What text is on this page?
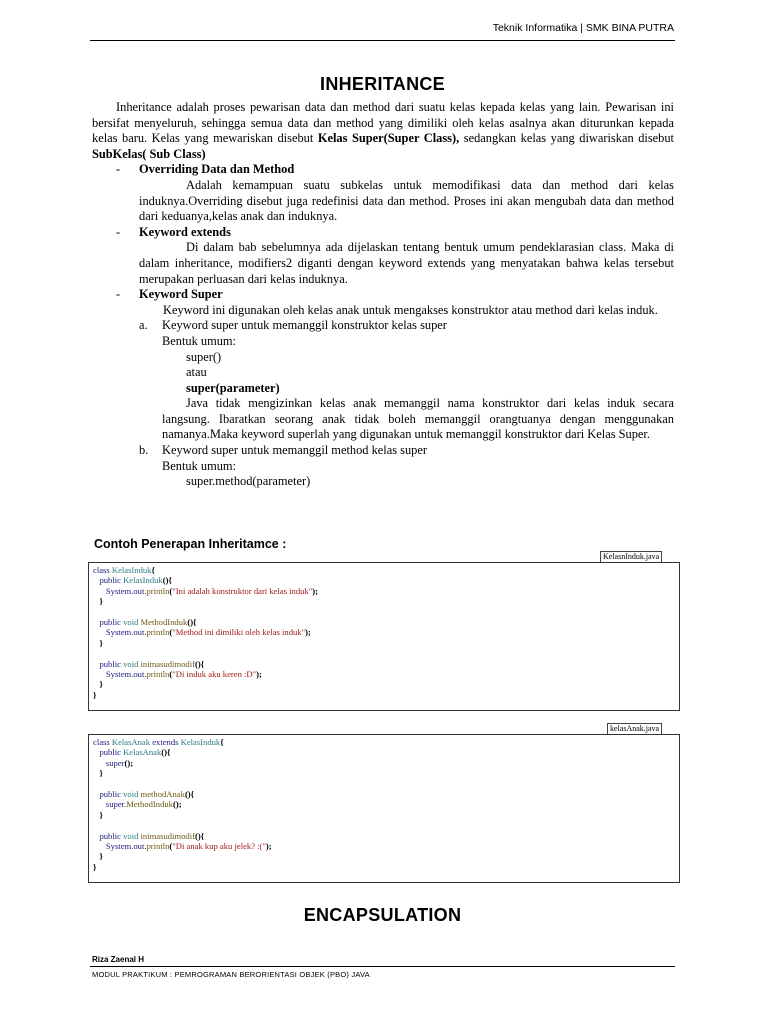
Teknik Informatika | SMK BINA PUTRA
INHERITANCE

Inheritance adalah proses pewarisan data dan method dari suatu kelas kepada kelas yang lain. Pewarisan ini bersifat menyeluruh, sehingga semua data dan method yang dimiliki oleh kelas asalnya akan diturunkan kepada kelas baru. Kelas yang mewariskan disebut Kelas Super(Super Class), sedangkan kelas yang diwariskan disebut SubKelas( Sub Class)

- Overriding Data dan Method

Adalah kemampuan suatu subkelas untuk memodifikasi data dan method dari kelas induknya.Overriding disebut juga redefinisi data dan method. Proses ini akan mengubah data dan method dari keduanya,kelas anak dan induknya.

- Keyword extends

Di dalam bab sebelumnya ada dijelaskan tentang bentuk umum pendeklarasian class. Maka di dalam inheritance, modifiers2 diganti dengan keyword extends yang menyatakan bahwa kelas tersebut merupakan perluasan dari kelas induknya.

- Keyword Super

Keyword ini digunakan oleh kelas anak untuk mengakses konstruktor atau method dari kelas induk.

a. Keyword super untuk memanggil konstruktor kelas super

Bentuk umum:

super()

atau

super(parameter)

Java tidak mengizinkan kelas anak memanggil nama konstruktor dari kelas induk secara langsung. Ibaratkan seorang anak tidak boleh memanggil orangtuanya dengan menggunakan namanya.Maka keyword superlah yang digunakan untuk memanggil konstruktor dari Kelas Super.

b. Keyword super untuk memanggil method kelas super

Bentuk umum:

super.method(parameter)

Contoh Penerapan Inheritamce :
KelasnInduk.java
class KelasInduk{
public KelasInduk(){
System.out.println("Ini adalah konstruktor dari kelas induk");
}
public void MethodInduk(){
System.out.println("Method ini dimiliki oleh kelas induk");
}
public void inimasudimodif(){
System.out.println("Di induk aku keren :D");
}
}
kelasAnak.java
class KelasAnak extends KelasInduk{
public KelasAnak(){
super();
}
public void methodAnak(){
super.MethodInduk();
}
public void inimasudimodif(){
System.out.println("Di anak kup aku jelek? :(");
}
}
ENCAPSULATION
Riza Zaenal H
MODUL PRAKTIKUM : PEMROGRAMAN BERORIENTASI OBJEK (PBO) JAVA
